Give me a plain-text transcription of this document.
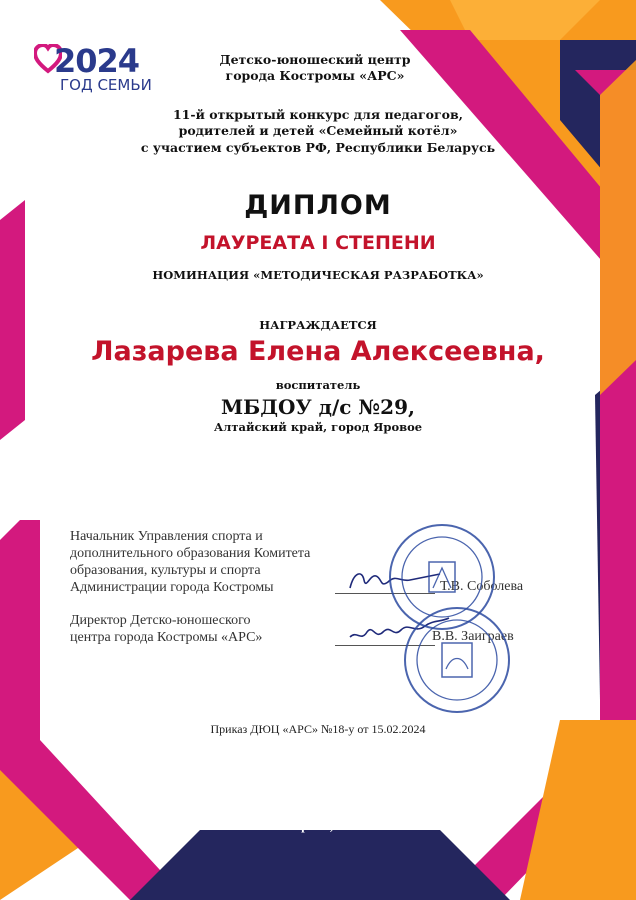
2024
ГОД СЕМЬИ
Детско-юношеский центр
города Костромы «АРС»
11-й открытый конкурс для педагогов,
родителей и детей «Семейный котёл»
с участием субъектов РФ, Республики Беларусь
ДИПЛОМ
ЛАУРЕАТА I СТЕПЕНИ
НОМИНАЦИЯ «МЕТОДИЧЕСКАЯ РАЗРАБОТКА»
НАГРАЖДАЕТСЯ
Лазарева Елена Алексеевна,
воспитатель
МБДОУ д/с №29,
Алтайский край, город Яровое
Начальник Управления спорта и
дополнительного образования Комитета
образования, культуры и спорта
Администрации города Костромы	Т.В. Соболева
Директор Детско-юношеского
центра города Костромы «АРС»	В.В. Заиграев
Приказ ДЮЦ «АРС» №18-у от 15.02.2024
Кострома, 2024
